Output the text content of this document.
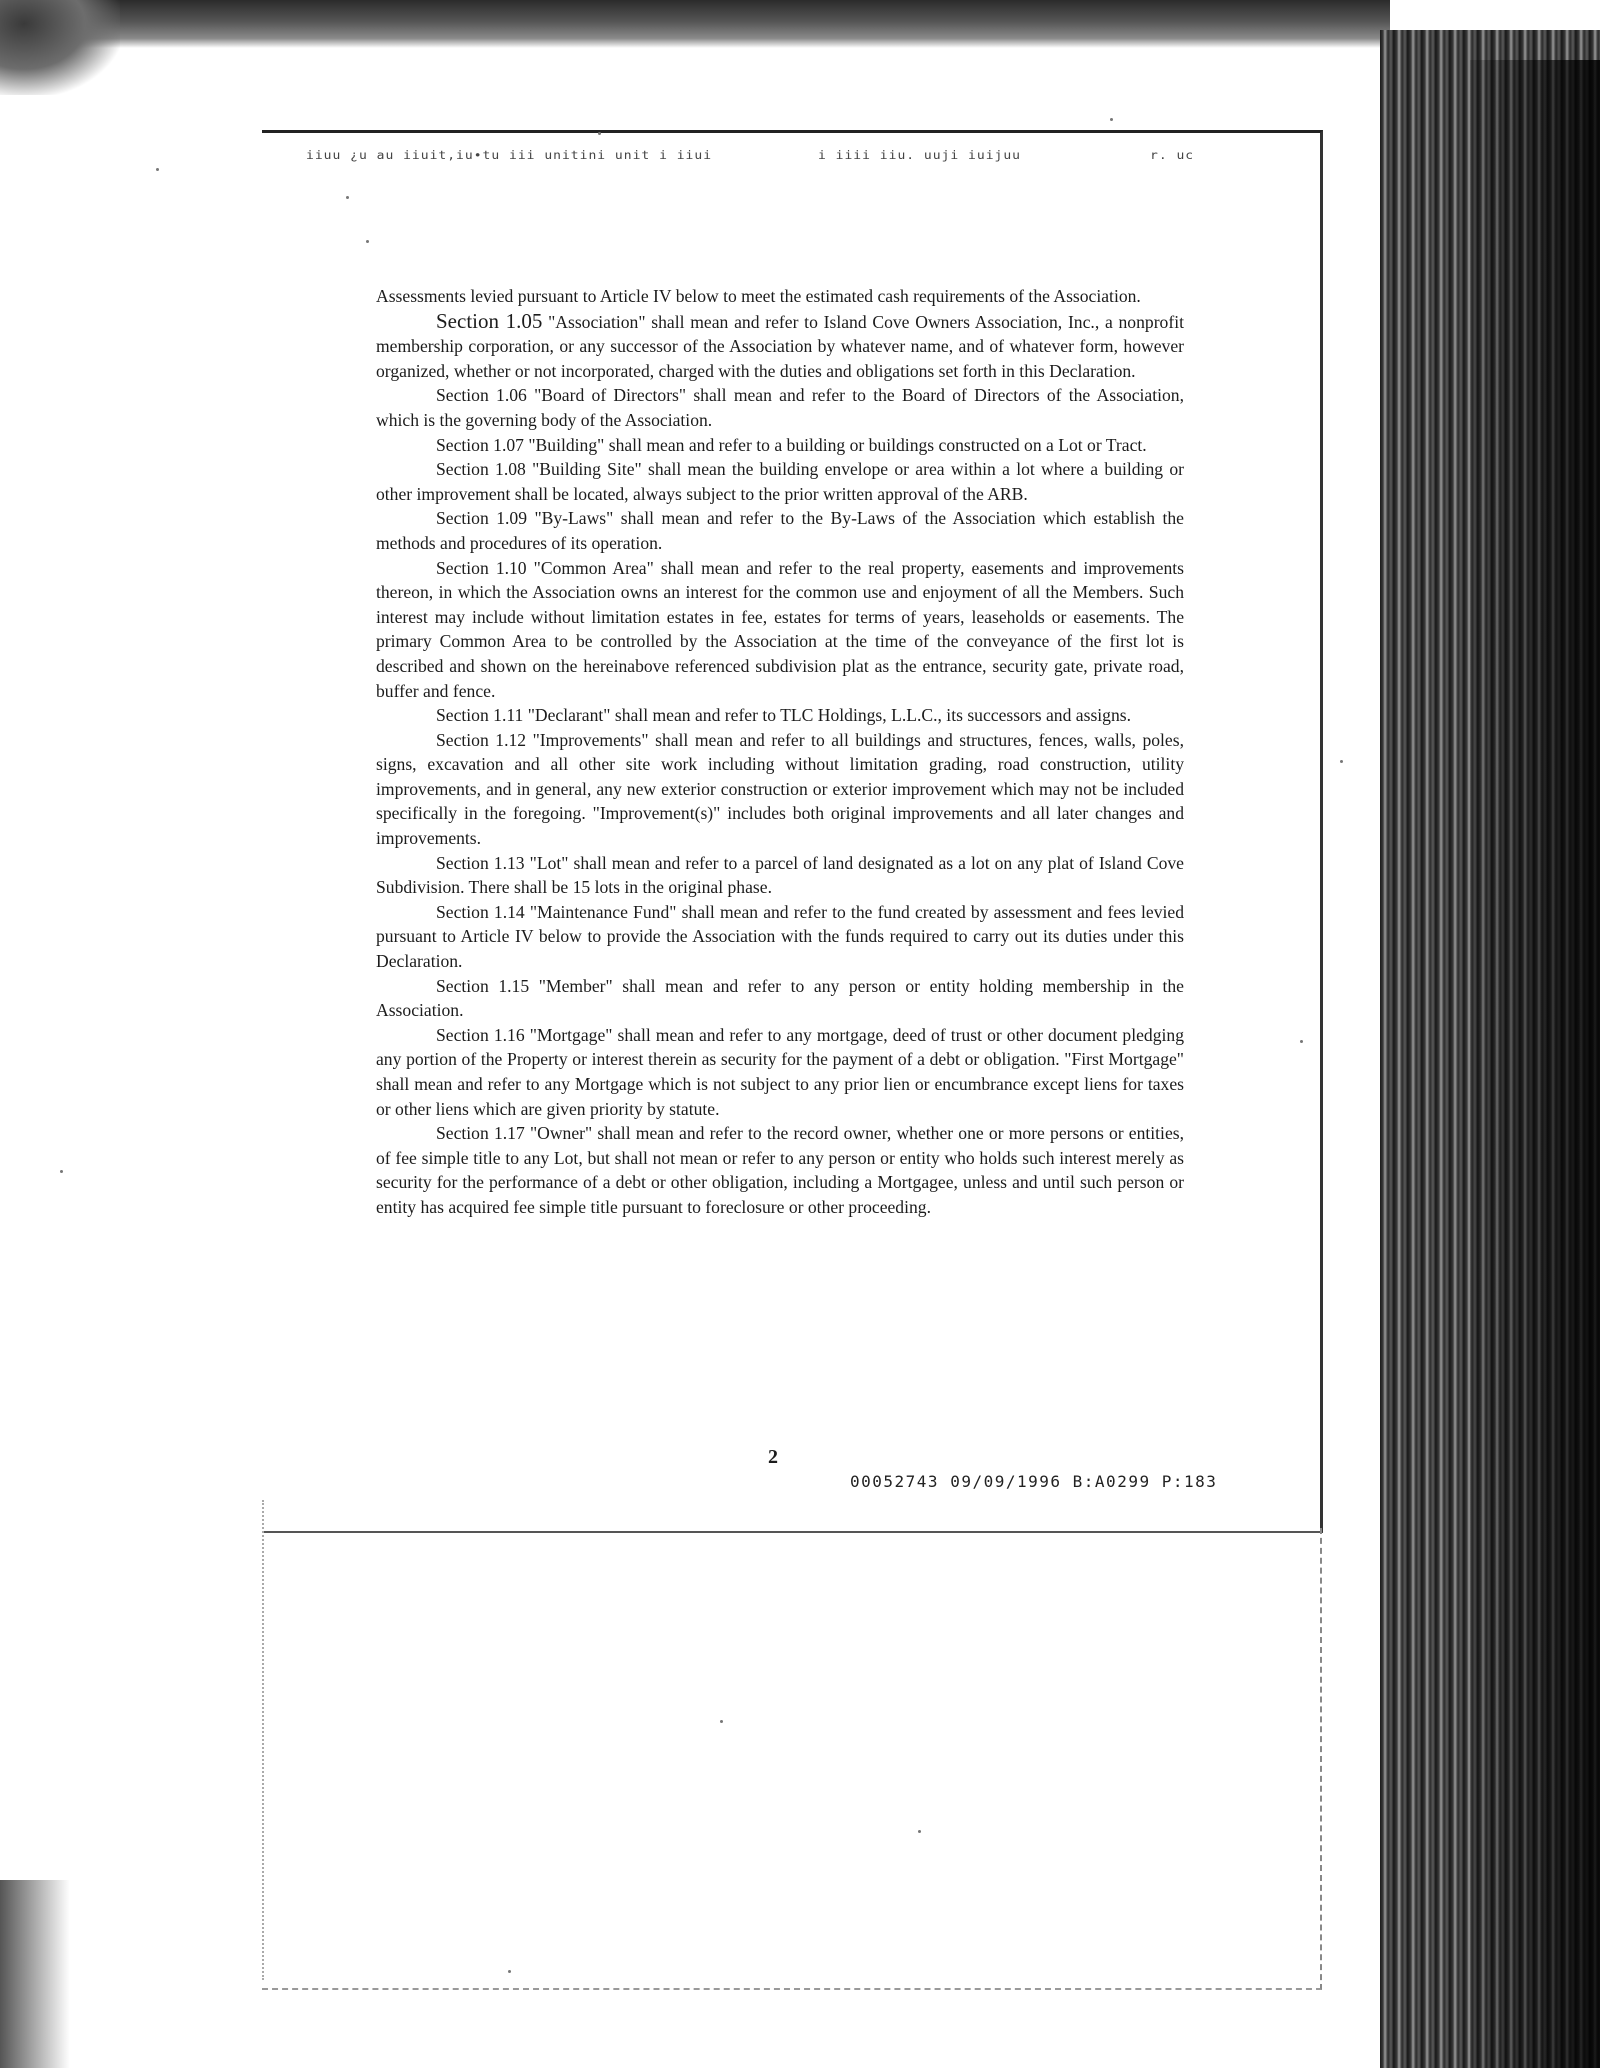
iiuu ¿u au iiuit,iu•tu iii unitini unit i iiui	i iiii iiu. uuji iuijuu	r. uc

Assessments levied pursuant to Article IV below to meet the estimated cash requirements of the Association.

Section 1.05 "Association" shall mean and refer to Island Cove Owners Association, Inc., a nonprofit membership corporation, or any successor of the Association by whatever name, and of whatever form, however organized, whether or not incorporated, charged with the duties and obligations set forth in this Declaration.

Section 1.06 "Board of Directors" shall mean and refer to the Board of Directors of the Association, which is the governing body of the Association.

Section 1.07 "Building" shall mean and refer to a building or buildings constructed on a Lot or Tract.

Section 1.08 "Building Site" shall mean the building envelope or area within a lot where a building or other improvement shall be located, always subject to the prior written approval of the ARB.

Section 1.09 "By-Laws" shall mean and refer to the By-Laws of the Association which establish the methods and procedures of its operation.

Section 1.10 "Common Area" shall mean and refer to the real property, easements and improvements thereon, in which the Association owns an interest for the common use and enjoyment of all the Members. Such interest may include without limitation estates in fee, estates for terms of years, leaseholds or easements. The primary Common Area to be controlled by the Association at the time of the conveyance of the first lot is described and shown on the hereinabove referenced subdivision plat as the entrance, security gate, private road, buffer and fence.

Section 1.11 "Declarant" shall mean and refer to TLC Holdings, L.L.C., its successors and assigns.

Section 1.12 "Improvements" shall mean and refer to all buildings and structures, fences, walls, poles, signs, excavation and all other site work including without limitation grading, road construction, utility improvements, and in general, any new exterior construction or exterior improvement which may not be included specifically in the foregoing. "Improvement(s)" includes both original improvements and all later changes and improvements.

Section 1.13 "Lot" shall mean and refer to a parcel of land designated as a lot on any plat of Island Cove Subdivision. There shall be 15 lots in the original phase.

Section 1.14 "Maintenance Fund" shall mean and refer to the fund created by assessment and fees levied pursuant to Article IV below to provide the Association with the funds required to carry out its duties under this Declaration.

Section 1.15 "Member" shall mean and refer to any person or entity holding membership in the Association.

Section 1.16 "Mortgage" shall mean and refer to any mortgage, deed of trust or other document pledging any portion of the Property or interest therein as security for the payment of a debt or obligation. "First Mortgage" shall mean and refer to any Mortgage which is not subject to any prior lien or encumbrance except liens for taxes or other liens which are given priority by statute.

Section 1.17 "Owner" shall mean and refer to the record owner, whether one or more persons or entities, of fee simple title to any Lot, but shall not mean or refer to any person or entity who holds such interest merely as security for the performance of a debt or other obligation, including a Mortgagee, unless and until such person or entity has acquired fee simple title pursuant to foreclosure or other proceeding.

2
00052743 09/09/1996 B:A0299 P:183
